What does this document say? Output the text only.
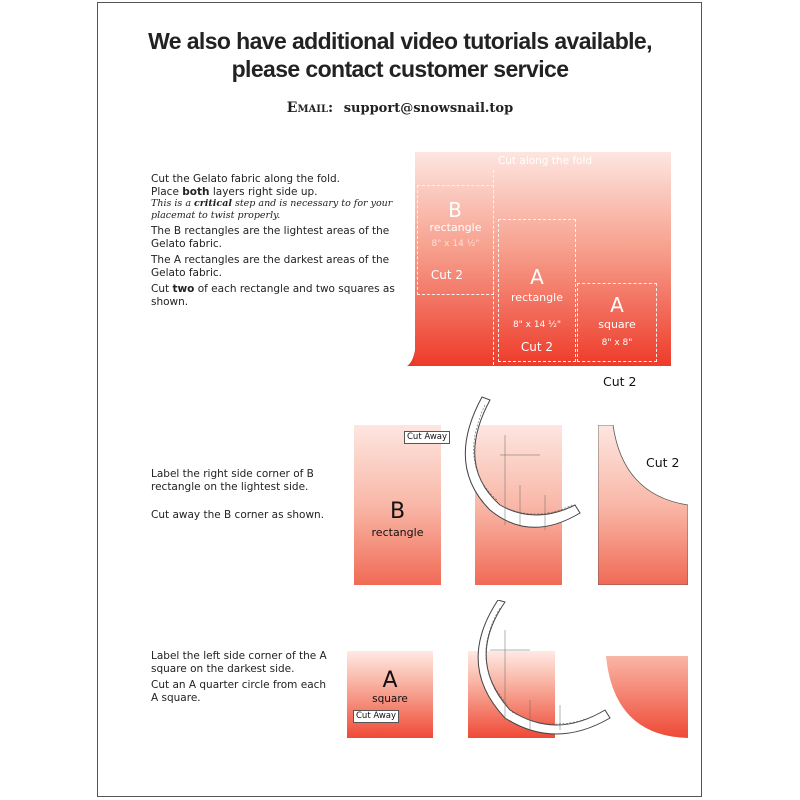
We also have additional video tutorials available,
please contact customer service
Email: support@snowsnail.top
Cut the Gelato fabric along the fold.
Place both layers right side up.
This is a critical step and is necessary to for your placemat to twist properly.
The B rectangles are the lightest areas of the Gelato fabric.
The A rectangles are the darkest areas of the Gelato fabric.
Cut two of each rectangle and two squares as shown.
Cut along the fold
B
rectangle
8" x 14 ½"
Cut 2	A
rectangle
8" x 14 ½"
Cut 2
A
square
8" x 8"
Cut 2
Label the right side corner of B rectangle on the lightest side.
Cut away the B corner as shown.
Cut Away
B
rectangle
Cut 2
Label the left side corner of the A square on the darkest side.
Cut an A quarter circle from each A square.
A
square
Cut Away
